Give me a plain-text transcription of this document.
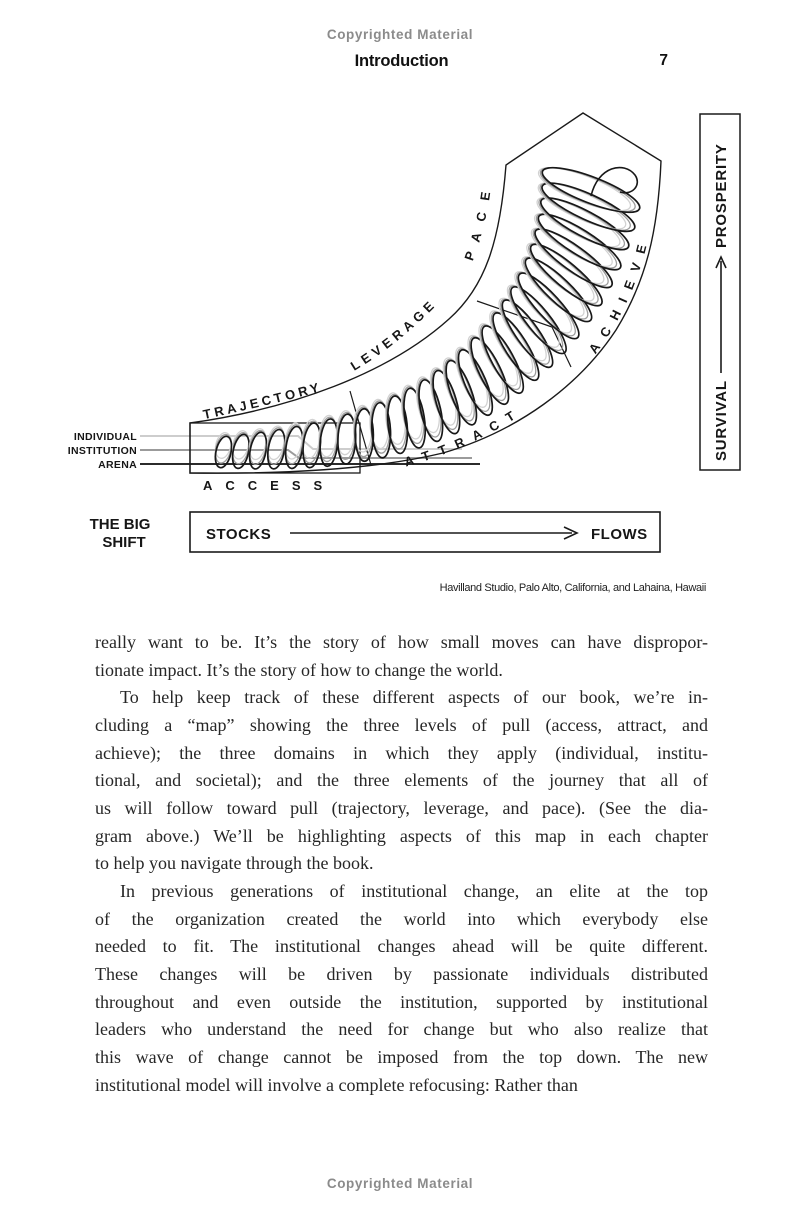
Copyrighted Material
Introduction	7
TRAJECTORY
LEVERAGE
PACE
ACCESS
ATTRACT
ACHIEVE
INDIVIDUAL
INSTITUTION
ARENA
SURVIVAL
PROSPERITY
THE BIG
SHIFT	STOCKS	FLOWS
Havilland Studio, Palo Alto, California, and Lahaina, Hawaii
really want to be. It’s the story of how small moves can have dispropor-
tionate impact. It’s the story of how to change the world.
To help keep track of these different aspects of our book, we’re in-
cluding a “map” showing the three levels of pull (access, attract, and
achieve); the three domains in which they apply (individual, institu-
tional, and societal); and the three elements of the journey that all of
us will follow toward pull (trajectory, leverage, and pace). (See the dia-
gram above.) We’ll be highlighting aspects of this map in each chapter
to help you navigate through the book.
In previous generations of institutional change, an elite at the top
of the organization created the world into which everybody else
needed to fit. The institutional changes ahead will be quite different.
These changes will be driven by passionate individuals distributed
throughout and even outside the institution, supported by institutional
leaders who understand the need for change but who also realize that
this wave of change cannot be imposed from the top down. The new
institutional model will involve a complete refocusing: Rather than
Copyrighted Material
